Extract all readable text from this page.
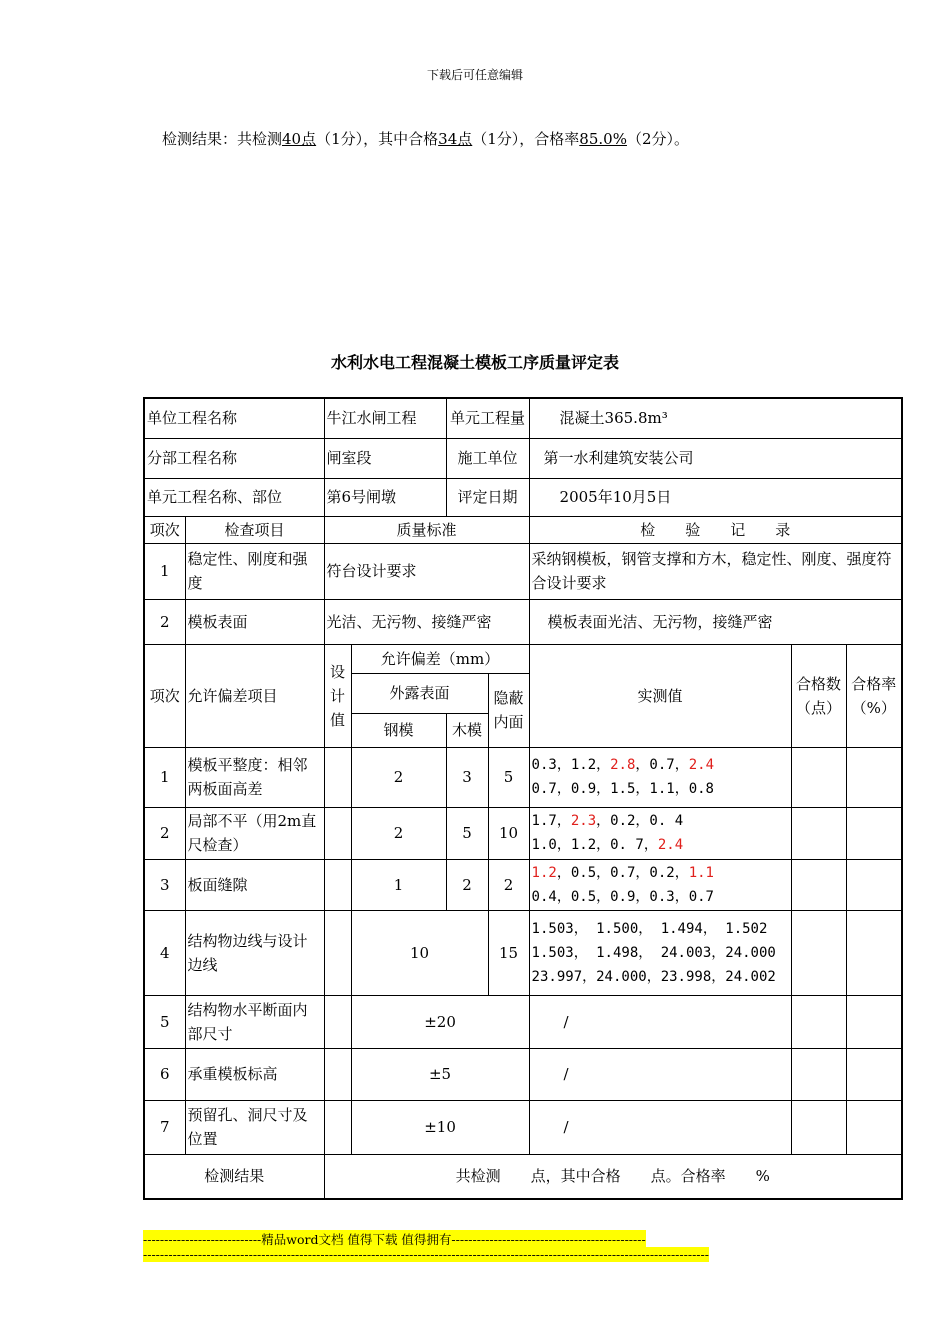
下载后可任意编辑
检测结果：共检测40点（1分），其中合格34点（1分），合格率85.0%（2分）。
水利水电工程混凝土模板工序质量评定表
单位工程名称		牛江水闸工程		单元工程量		混凝土365.8m³		
分部工程名称		闸室段		施工单位		第一水利建筑安装公司		
单元工程名称、部位		第6号闸墩		评定日期		2005年10月5日		
项次	检查项目	质量标准				检　　验　　记　　录		
1	稳定性、刚度和强度	符台设计要求				采纳钢模板，钢管支撑和方木，稳定性、刚度、强度符合设计要求		
2	模板表面	光洁、无污物、接缝严密				模板表面光洁、无污物，接缝严密		
项次	允许偏差项目	设计值	允许偏差（mm）			实测值	合格数（点）	合格率（%）
			外露表面		隐蔽内面			
			钢模	木模				
1	模板平整度：相邻两板面高差		2	3	5	0.3，1.2，2.8，0.7，2.4
0.7，0.9，1.5，1.1，0.8		

2	局部不平（用2m直尺检查）		2	5	10	1.7，2.3，0.2，0. 4
1.0，1.2，0. 7，2.4		

3	板面缝隙		1	2	2	1.2，0.5，0.7，0.2，1.1
0.4，0.5，0.9，0.3，0.7		

4	结构物边线与设计边线		10		15	1.503， 1.500， 1.494， 1.502
1.503， 1.498， 24.003，24.000
23.997，24.000，23.998，24.002		

5	结构物水平断面内部尺寸		±20			/		
6	承重模板标高		±5			/		
7	预留孔、洞尺寸及位置		±10			/		
检测结果		共检测　　点，其中合格　　点。合格率　　%						
----------------------------精品word文档 值得下载 值得拥有----------------------------------------------
--------------------------------------------------------------------------------------------------------------------------------------
